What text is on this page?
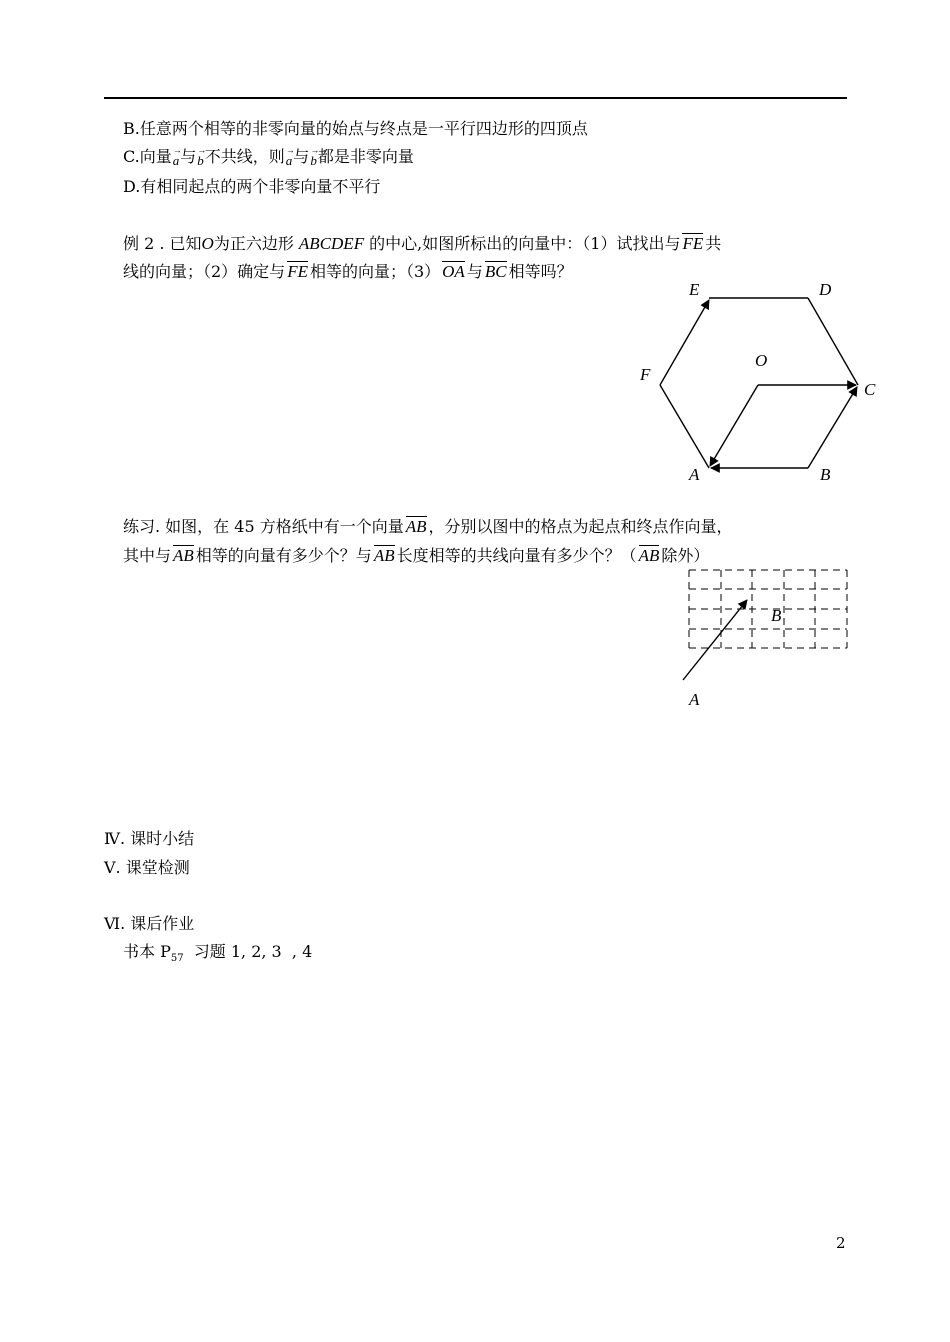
B.任意两个相等的非零向量的始点与终点是一平行四边形的四顶点
C.向量→ a与→ b不共线，则→ a与→ b都是非零向量
D.有相同起点的两个非零向量不平行
例 2 . 已知O为正六边形 ABCDEF 的中心,如图所标出的向量中：（1）试找出与 FE 共
线的向量；（2）确定与 FE 相等的向量；（3） OA 与 BC 相等吗？
E	D
F
O
C
A	B
B
A
练习. 如图，在 45 方格纸中有一个向量 AB ，分别以图中的格点为起点和终点作向量，
其中与 AB 相等的向量有多少个？与 AB 长度相等的共线向量有多少个？（ AB 除外）
Ⅳ. 课时小结
Ⅴ. 课堂检测
Ⅵ. 课后作业
书本 $P_{57}$  习题 1, 2, 3  , 4
2
